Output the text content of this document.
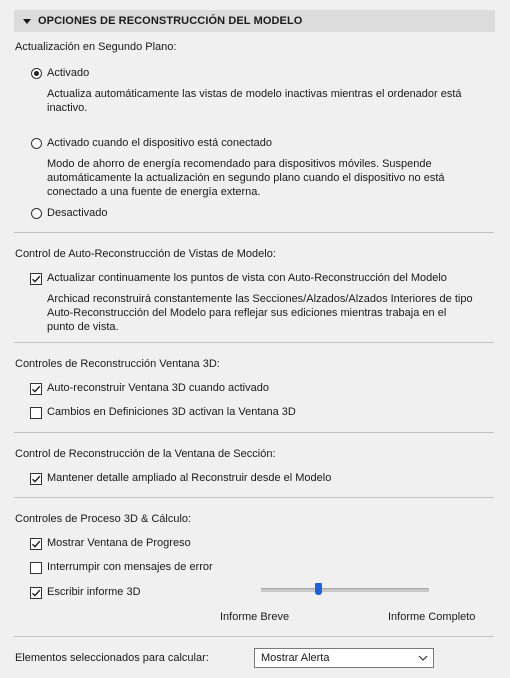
OPCIONES DE RECONSTRUCCIÓN DEL MODELO
Actualización en Segundo Plano:
Activado
Actualiza automáticamente las vistas de modelo inactivas mientras el ordenador está
inactivo.
Activado cuando el dispositivo está conectado
Modo de ahorro de energía recomendado para dispositivos móviles. Suspende
automáticamente la actualización en segundo plano cuando el dispositivo no está
conectado a una fuente de energía externa.
Desactivado
Control de Auto-Reconstrucción de Vistas de Modelo:
Actualizar continuamente los puntos de vista con Auto-Reconstrucción del Modelo
Archicad reconstruirá constantemente las Secciones/Alzados/Alzados Interiores de tipo
Auto-Reconstrucción del Modelo para reflejar sus ediciones mientras trabaja en el
punto de vista.
Controles de Reconstrucción Ventana 3D:
Auto-reconstruir Ventana 3D cuando activado
Cambios en Definiciones 3D activan la Ventana 3D
Control de Reconstrucción de la Ventana de Sección:
Mantener detalle ampliado al Reconstruir desde el Modelo
Controles de Proceso 3D & Cálculo:
Mostrar Ventana de Progreso
Interrumpir con mensajes de error
Escribir informe 3D
Informe Breve	Informe Completo
Elementos seleccionados para calcular:	Mostrar Alerta
